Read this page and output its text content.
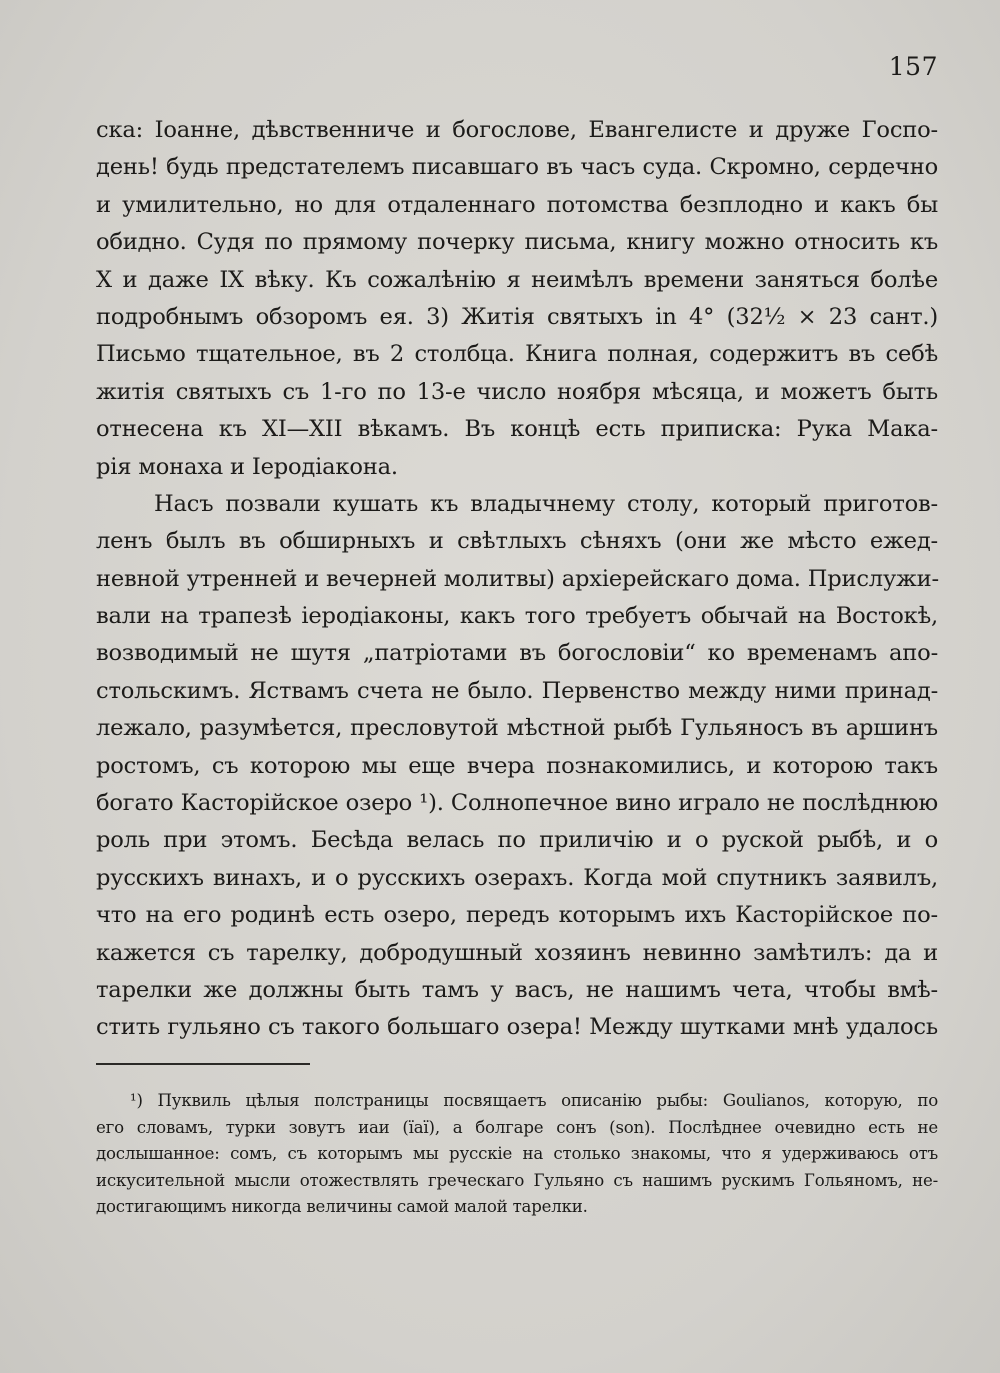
157
ска: Іоанне, дѣвственниче и богослове, Евангелисте и друже Госпо-
день! будь предстателемъ писавшаго въ часъ суда. Скромно, сердечно
и умилительно, но для отдаленнаго потомства безплодно и какъ бы
обидно. Судя по прямому почерку письма, книгу можно относить къ
X и даже IX вѣку. Къ сожалѣнію я неимѣлъ времени заняться болѣе
подробнымъ обзоромъ ея. 3) Житія святыхъ in 4° (32½ × 23 сант.)
Письмо тщательное, въ 2 столбца. Книга полная, содержитъ въ себѣ
житія святыхъ съ 1-го по 13-е число ноября мѣсяца, и можетъ быть
отнесена къ XI—XII вѣкамъ. Въ концѣ есть приписка: Рука Мака-
рія монаха и Іеродіакона.
Насъ позвали кушать къ владычнему столу, который приготов-
ленъ былъ въ обширныхъ и свѣтлыхъ сѣняхъ (они же мѣсто ежед-
невной утренней и вечерней молитвы) архіерейскаго дома. Прислужи-
вали на трапезѣ іеродіаконы, какъ того требуетъ обычай на Востокѣ,
возводимый не шутя „патріотами въ богословіи“ ко временамъ апо-
стольскимъ. Яствамъ счета не было. Первенство между ними принад-
лежало, разумѣется, пресловутой мѣстной рыбѣ Гульяносъ въ аршинъ
ростомъ, съ которою мы еще вчера познакомились, и которою такъ
богато Касторійское озеро ¹). Солнопечное вино играло не послѣднюю
роль при этомъ. Бесѣда велась по приличію и о руской рыбѣ, и о
русскихъ винахъ, и о русскихъ озерахъ. Когда мой спутникъ заявилъ,
что на его родинѣ есть озеро, передъ которымъ ихъ Касторійское по-
кажется съ тарелку, добродушный хозяинъ невинно замѣтилъ: да и
тарелки же должны быть тамъ у васъ, не нашимъ чета, чтобы вмѣ-
стить гульяно съ такого большаго озера! Между шутками мнѣ удалось
¹) Пуквиль цѣлыя полстраницы посвящаетъ описанію рыбы: Goulianos, которую, по
его словамъ, турки зовутъ иаи (ïaï), а болгаре сонъ (son). Послѣднее очевидно есть не
дослышанное: сомъ, съ которымъ мы русскіе на столько знакомы, что я удерживаюсь отъ
искусительной мысли отожествлять греческаго Гульяно съ нашимъ рускимъ Гольяномъ, не-
достигающимъ никогда величины самой малой тарелки.
